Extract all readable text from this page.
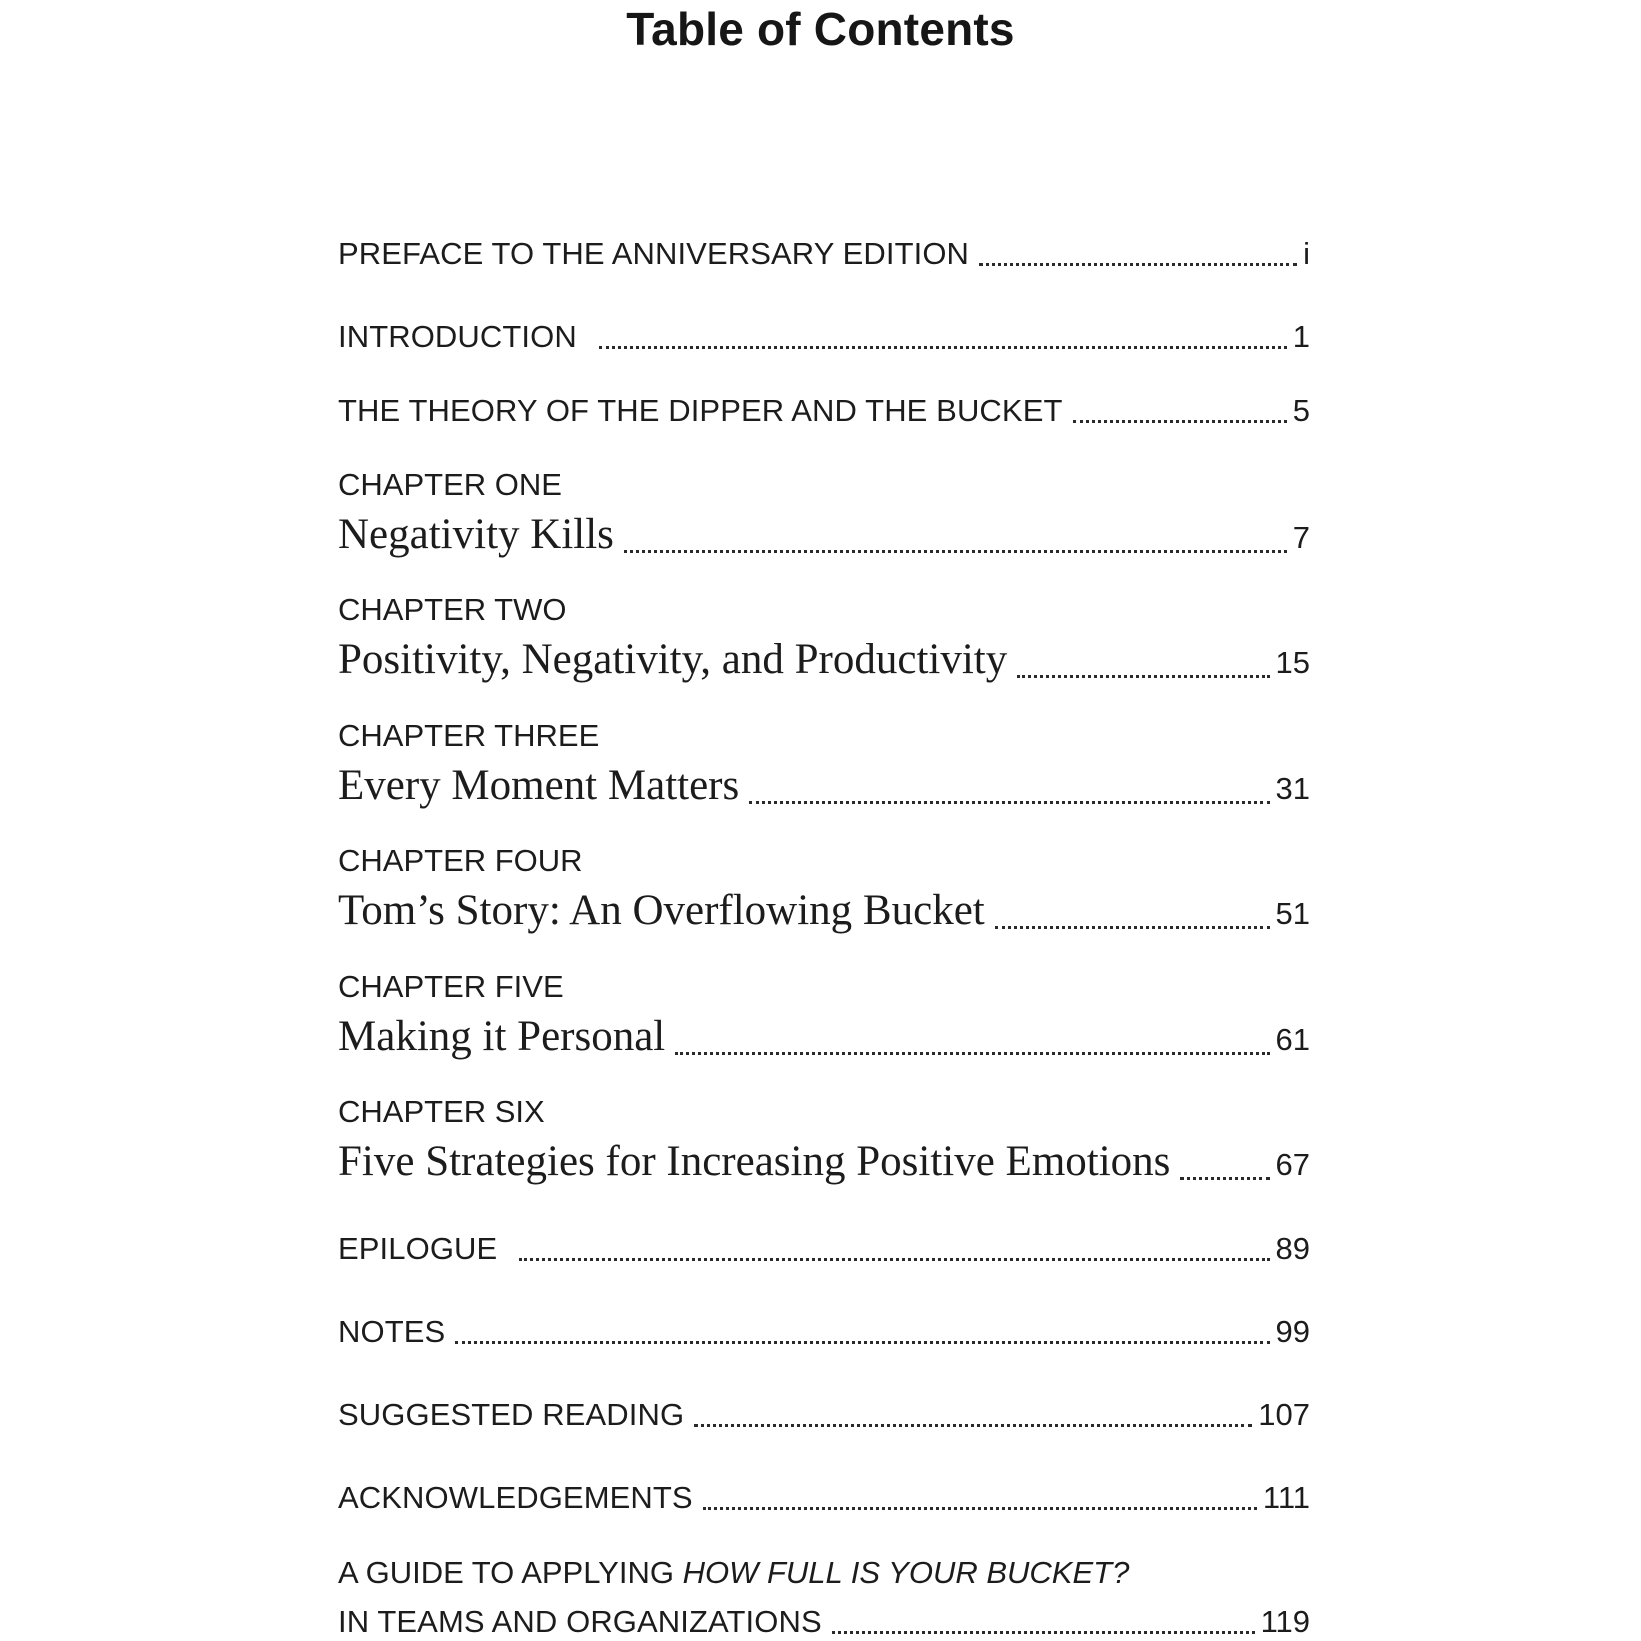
Table of Contents
PREFACE TO THE ANNIVERSARY EDITION	i
INTRODUCTION	1
THE THEORY OF THE DIPPER AND THE BUCKET	5
CHAPTER ONE
Negativity Kills	7
CHAPTER TWO
Positivity, Negativity, and Productivity	15
CHAPTER THREE
Every Moment Matters	31
CHAPTER FOUR
Tom’s Story: An Overflowing Bucket	51
CHAPTER FIVE
Making it Personal	61
CHAPTER SIX
Five Strategies for Increasing Positive Emotions	67
EPILOGUE	89
NOTES	99
SUGGESTED READING	107
ACKNOWLEDGEMENTS	111
A GUIDE TO APPLYING HOW FULL IS YOUR BUCKET?
IN TEAMS AND ORGANIZATIONS	119
